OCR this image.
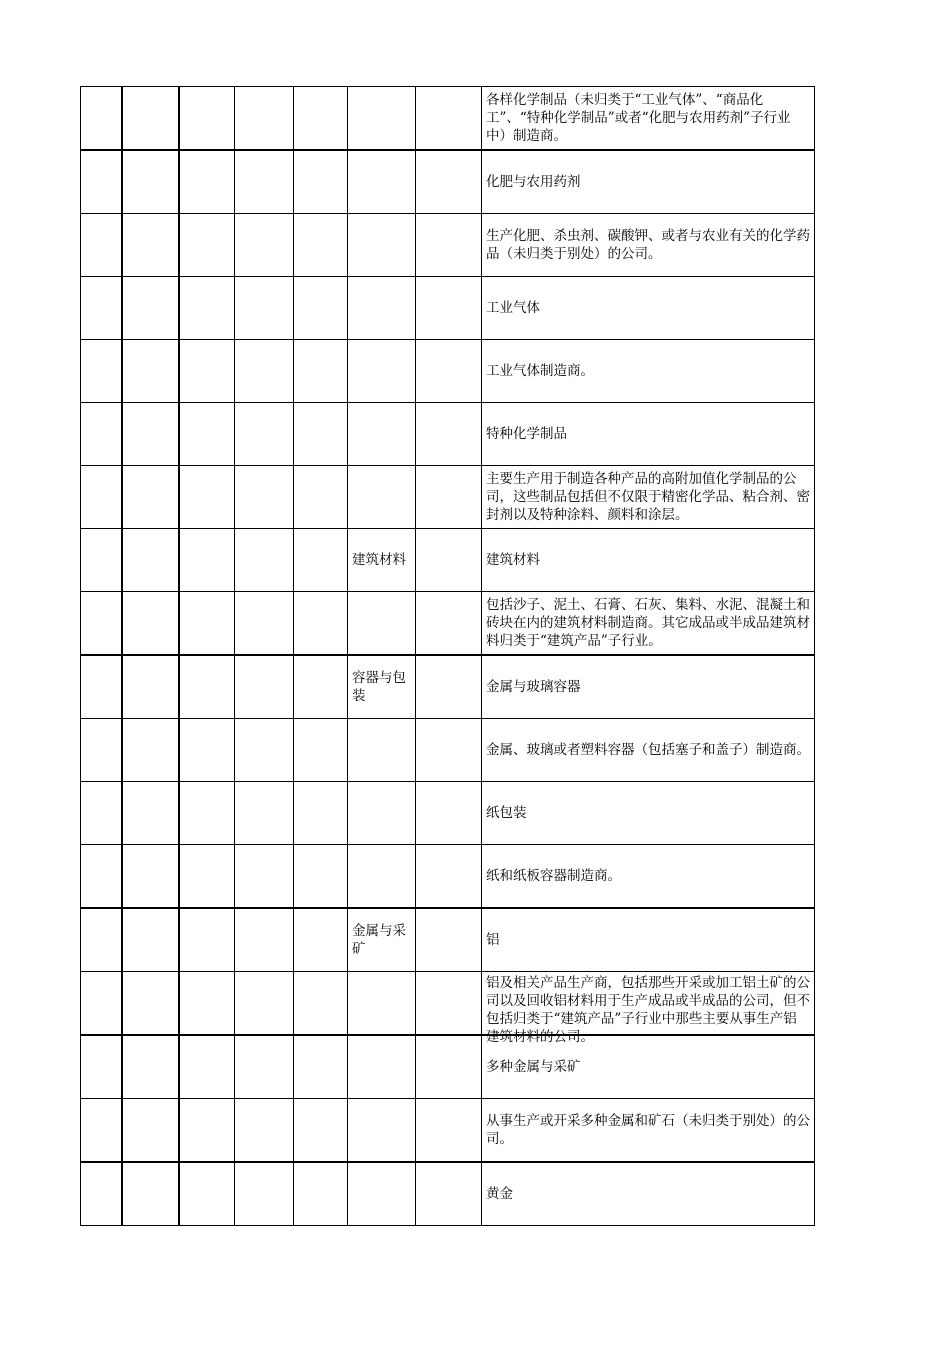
							各样化学制品（未归类于“工业气体”、“商品化工”、“特种化学制品”或者“化肥与农用药剂”子行业中）制造商。
							化肥与农用药剂
							生产化肥、杀虫剂、碳酸钾、或者与农业有关的化学药品（未归类于别处）的公司。
							工业气体
							工业气体制造商。
							特种化学制品
							主要生产用于制造各种产品的高附加值化学制品的公司，这些制品包括但不仅限于精密化学品、粘合剂、密封剂以及特种涂料、颜料和涂层。
					建筑材料		建筑材料
							包括沙子、泥土、石膏、石灰、集料、水泥、混凝土和砖块在内的建筑材料制造商。其它成品或半成品建筑材料归类于“建筑产品”子行业。
					容器与包装		金属与玻璃容器
							金属、玻璃或者塑料容器（包括塞子和盖子）制造商。
							纸包装
							纸和纸板容器制造商。
					金属与采矿		铝

							铝及相关产品生产商，包括那些开采或加工铝土矿的公司以及回收铝材料用于生产成品或半成品的公司，但不包括归类于“建筑产品”子行业中那些主要从事生产铝建筑材料的公司。

							多种金属与采矿
							从事生产或开采多种金属和矿石（未归类于别处）的公司。
							黄金
